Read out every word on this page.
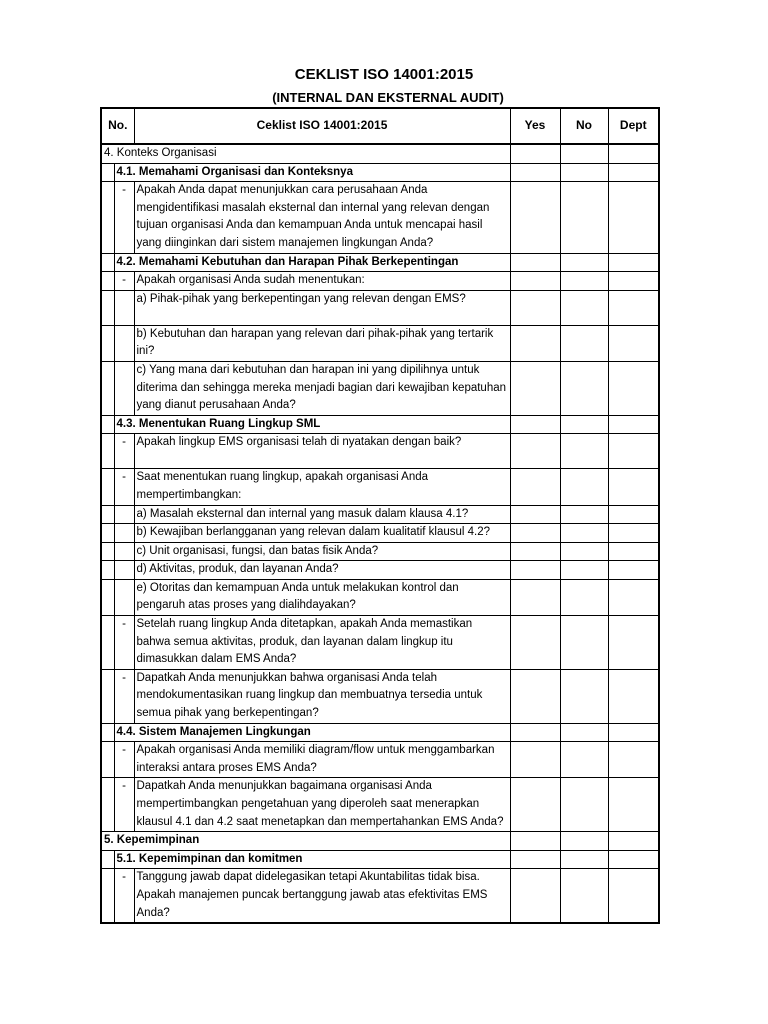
CEKLIST ISO 14001:2015
(INTERNAL DAN EKSTERNAL AUDIT)
No.		Ceklist ISO 14001:2015	Yes	No	Dept
4. Konteks Organisasi					
	4.1. Memahami Organisasi dan Konteksnya				
	-	Apakah Anda dapat menunjukkan cara perusahaan Anda mengidentifikasi masalah eksternal dan internal yang relevan dengan tujuan organisasi Anda dan kemampuan Anda untuk mencapai hasil yang diinginkan dari sistem manajemen lingkungan Anda?			
	4.2. Memahami Kebutuhan dan Harapan Pihak Berkepentingan				
	-	Apakah organisasi Anda sudah menentukan:			
		a) Pihak-pihak yang berkepentingan yang relevan dengan EMS?			
		b) Kebutuhan dan harapan yang relevan dari pihak-pihak yang tertarik ini?			
		c) Yang mana dari kebutuhan dan harapan ini yang dipilihnya untuk diterima dan sehingga mereka menjadi bagian dari kewajiban kepatuhan yang dianut perusahaan Anda?			
	4.3. Menentukan Ruang Lingkup SML				
	-	Apakah lingkup EMS organisasi telah di nyatakan dengan baik?			
	-	Saat menentukan ruang lingkup, apakah organisasi Anda mempertimbangkan:			
		a) Masalah eksternal dan internal yang masuk dalam klausa 4.1?			
		b) Kewajiban berlangganan yang relevan dalam kualitatif klausul 4.2?			
		c) Unit organisasi, fungsi, dan batas fisik Anda?			
		d) Aktivitas, produk, dan layanan Anda?			
		e) Otoritas dan kemampuan Anda untuk melakukan kontrol dan pengaruh atas proses yang dialihdayakan?			
	-	Setelah ruang lingkup Anda ditetapkan, apakah Anda memastikan bahwa semua aktivitas, produk, dan layanan dalam lingkup itu dimasukkan dalam EMS Anda?			
	-	Dapatkah Anda menunjukkan bahwa organisasi Anda telah mendokumentasikan ruang lingkup dan membuatnya tersedia untuk semua pihak yang berkepentingan?			
	4.4. Sistem Manajemen Lingkungan				
	-	Apakah organisasi Anda memiliki diagram/flow untuk menggambarkan interaksi antara proses EMS Anda?			
	-	Dapatkah Anda menunjukkan bagaimana organisasi Anda mempertimbangkan pengetahuan yang diperoleh saat menerapkan klausul 4.1 dan 4.2 saat menetapkan dan mempertahankan EMS Anda?			
5. Kepemimpinan					
	5.1. Kepemimpinan dan komitmen				
	-	Tanggung jawab dapat didelegasikan tetapi Akuntabilitas tidak bisa. Apakah manajemen puncak bertanggung jawab atas efektivitas EMS Anda?			
